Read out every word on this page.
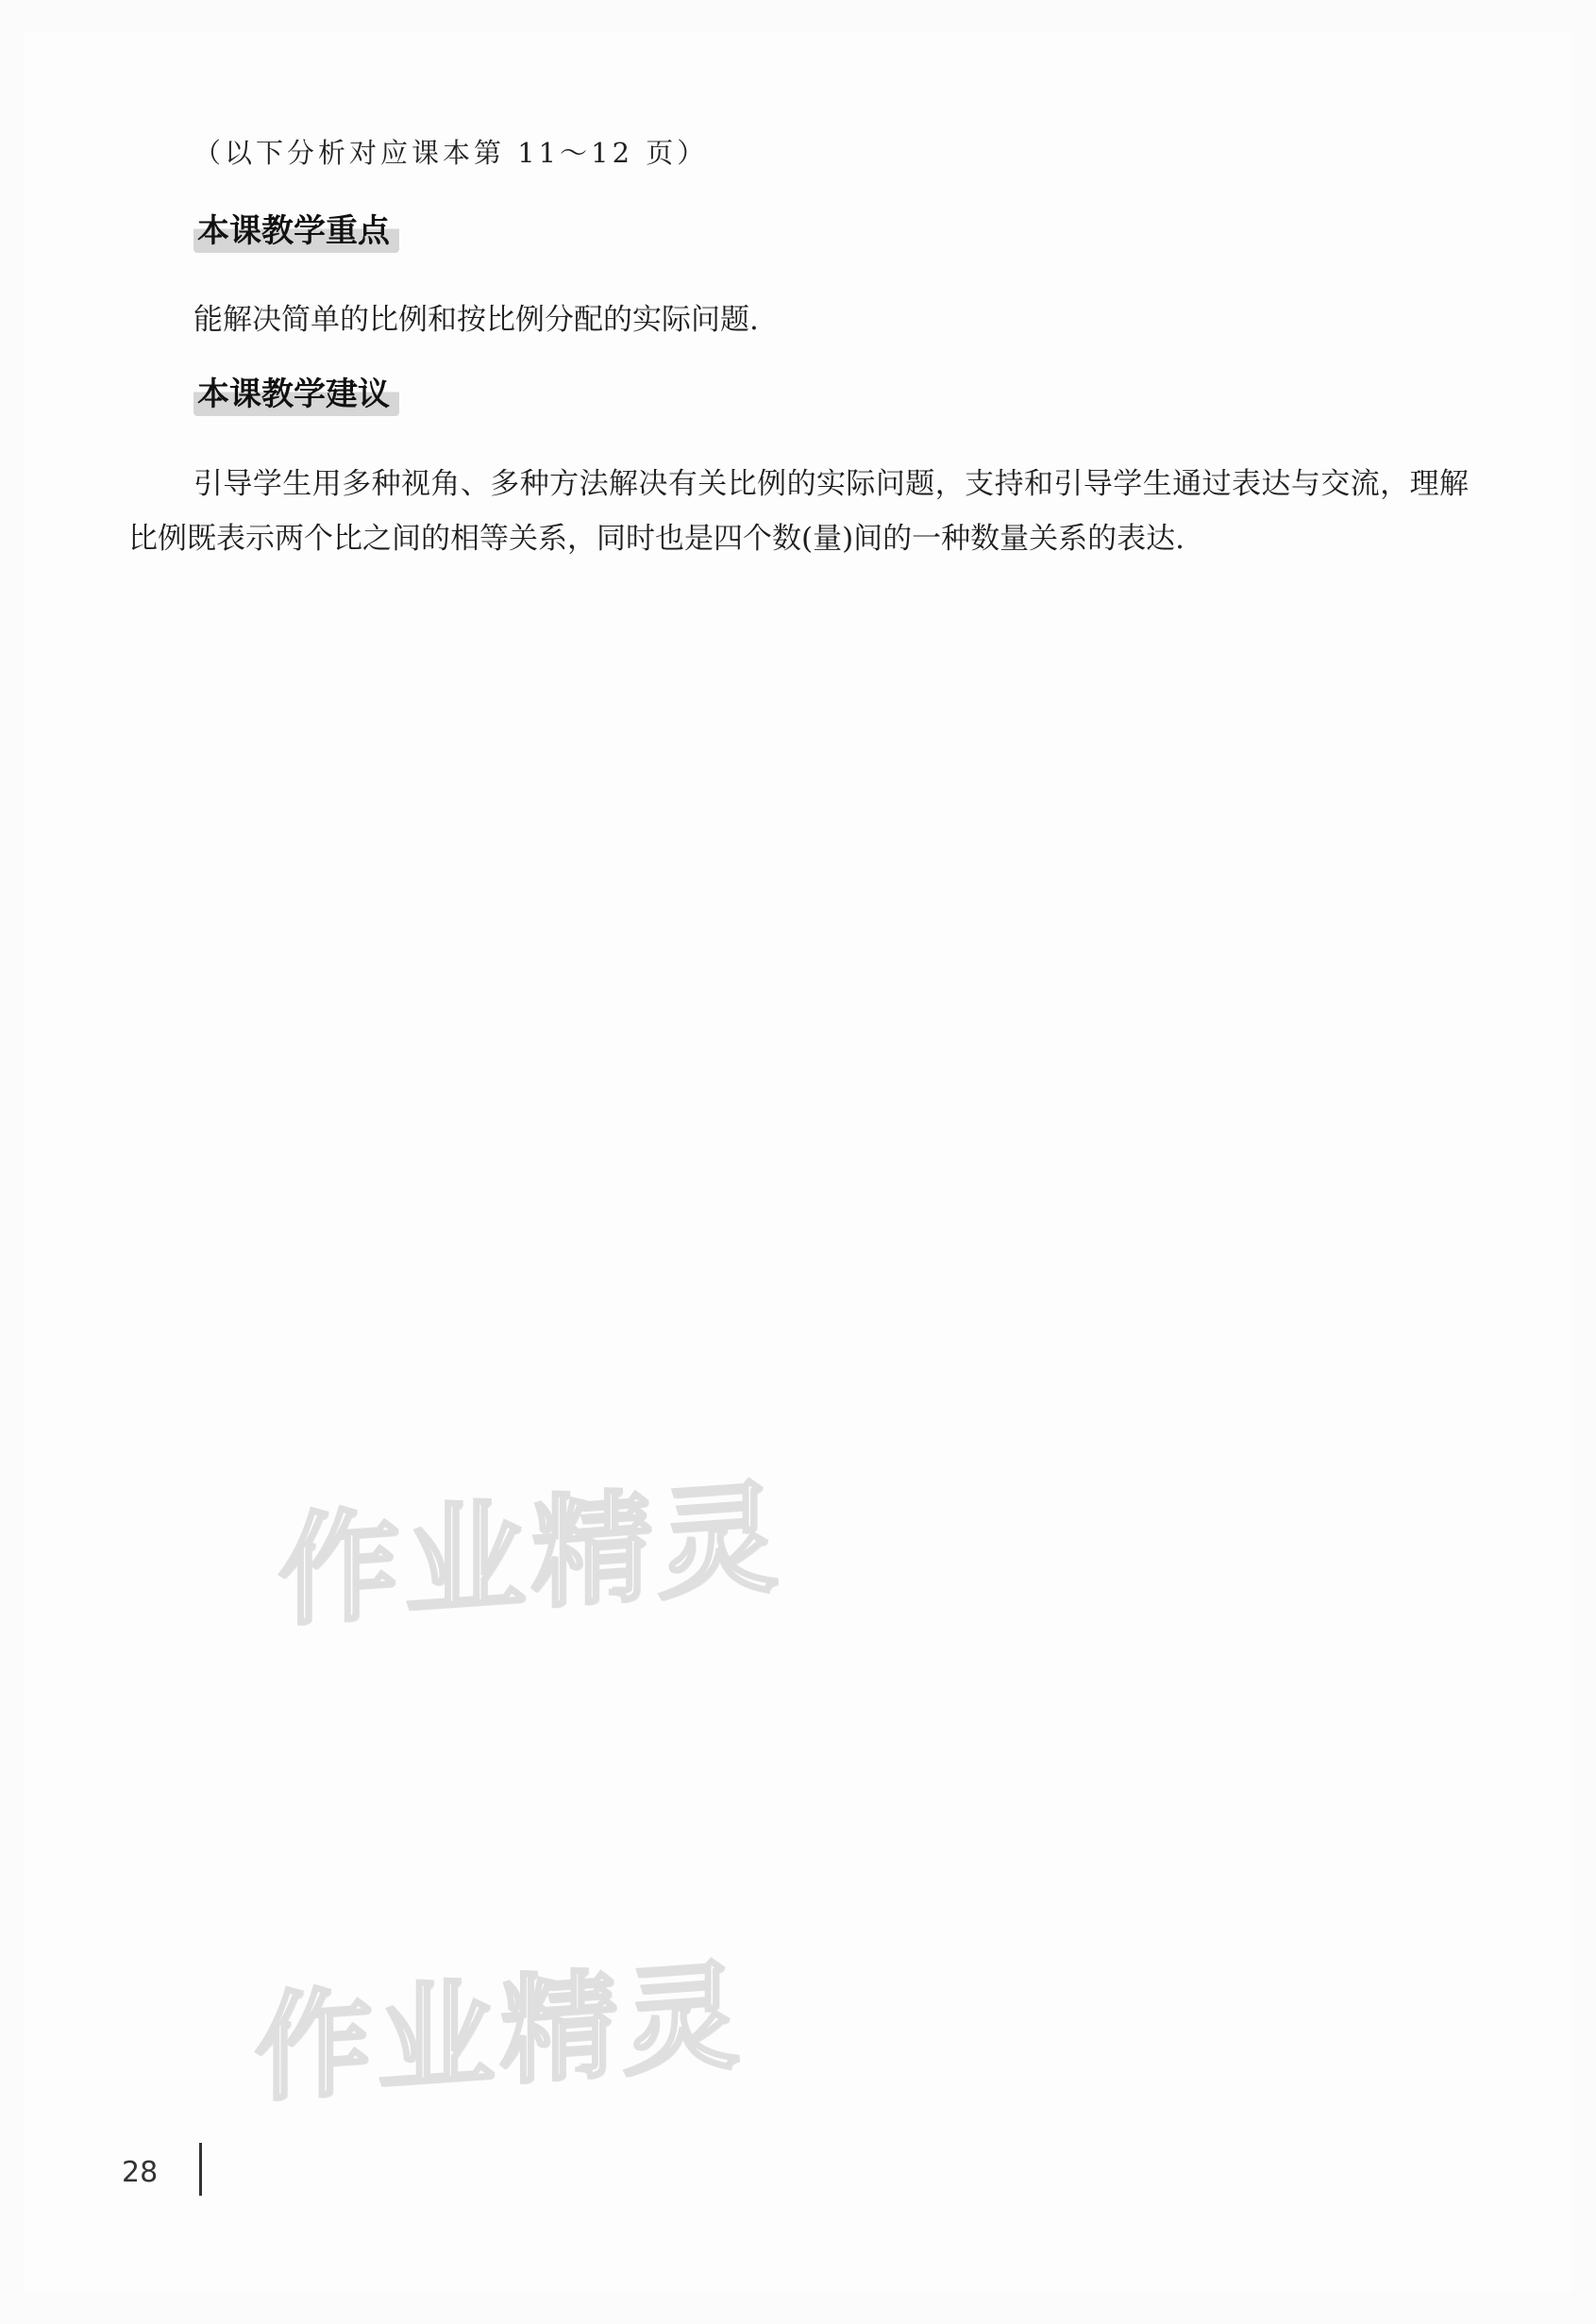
（以下分析对应课本第 11～12 页）
本课教学重点
能解决简单的比例和按比例分配的实际问题.
本课教学建议
引导学生用多种视角、多种方法解决有关比例的实际问题，支持和引导学生通过表达与交流，理解比例既表示两个比之间的相等关系，同时也是四个数(量)间的一种数量关系的表达.
作业精灵
作业精灵
28
